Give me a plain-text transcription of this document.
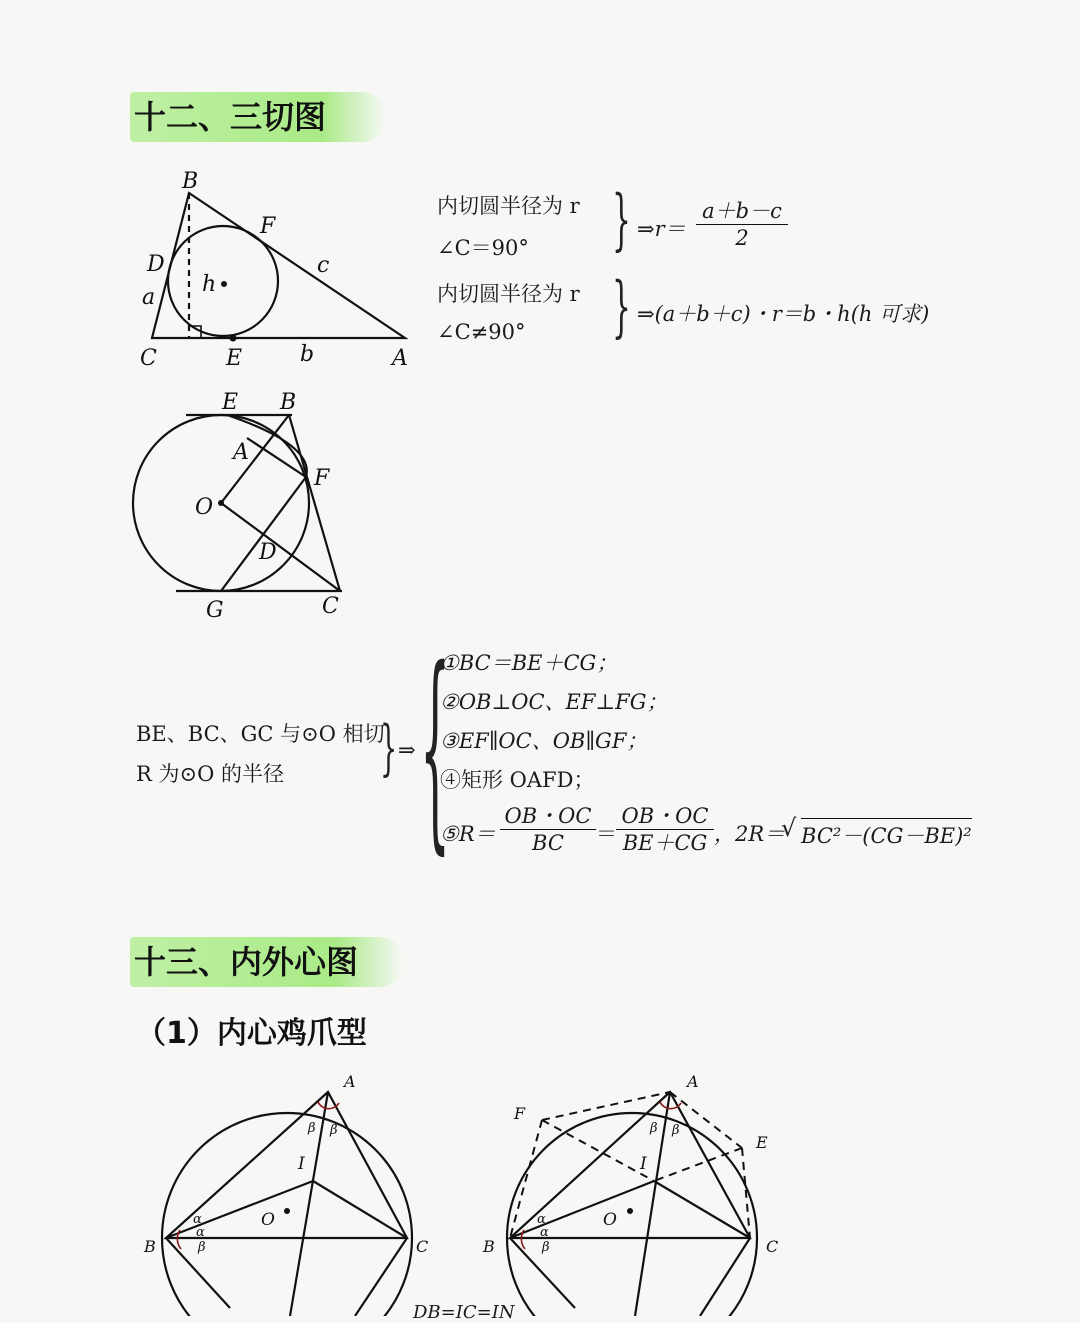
十二、三切图
十三、内外心图
（1）内心鸡爪型
B
F
D	c
a
h
C	E	b	A
内切圆半径为 r
∠C＝90° } ⇒r＝ $\frac{a+b-c}{2}$
内切圆半径为 r
∠C≠90° } ⇒(a＋b＋c)・r＝b・h(h 可求)
E B
A
F
O
D
G	C
BE、BC、GC 与⊙O 相切
R 为⊙O 的半径 } ⇒ {
①BC＝BE＋CG；
②OB⊥OC、EF⊥FG；
③EF∥OC、OB∥GF；
④矩形 OAFD；
⑤R＝ $\frac{OB・OC}{BC} = \frac{OB・OC}{BE+CG}$ ，2R＝
√ BC²－(CG－BE)²
A
B	C
I
O
β β
α
α
β
A
B	C
I
O
E
F
β β
α
α
β
DB=IC=IN
